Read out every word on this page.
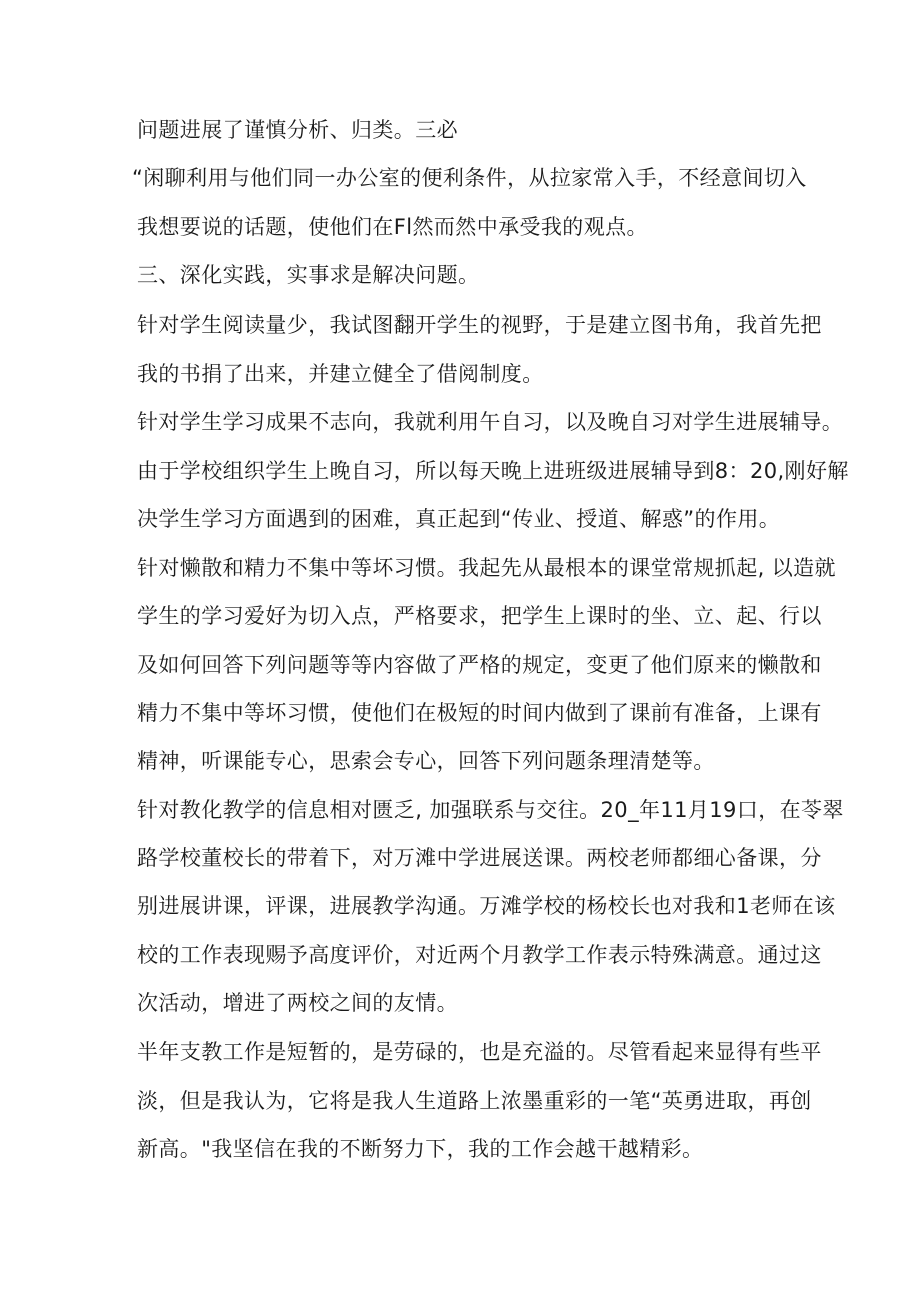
问题进展了谨慎分析、归类。三必

“闲聊利用与他们同一办公室的便利条件，从拉家常入手，不经意间切入

我想要说的话题，使他们在Fl然而然中承受我的观点。

三、深化实践，实事求是解决问题。

针对学生阅读量少，我试图翻开学生的视野，于是建立图书角，我首先把

我的书捐了出来，并建立健全了借阅制度。

针对学生学习成果不志向，我就利用午自习，以及晚自习对学生进展辅导。

由于学校组织学生上晚自习，所以每天晚上进班级进展辅导到8：20,刚好解

决学生学习方面遇到的困难，真正起到“传业、授道、解惑”的作用。

针对懒散和精力不集中等坏习惯。我起先从最根本的课堂常规抓起, 以造就

学生的学习爱好为切入点，严格要求，把学生上课时的坐、立、起、行以

及如何回答下列问题等等内容做了严格的规定，变更了他们原来的懒散和

精力不集中等坏习惯，使他们在极短的时间内做到了课前有准备，上课有

精神，听课能专心，思索会专心，回答下列问题条理清楚等。

针对教化教学的信息相对匮乏, 加强联系与交往。20_年11月19口，在苓翠

路学校董校长的带着下，对万滩中学进展送课。两校老师都细心备课，分

别进展讲课，评课，进展教学沟通。万滩学校的杨校长也对我和1老师在该

校的工作表现赐予高度评价，对近两个月教学工作表示特殊满意。通过这

次活动，增进了两校之间的友情。

半年支教工作是短暂的，是劳碌的，也是充溢的。尽管看起来显得有些平

淡，但是我认为，它将是我人生道路上浓墨重彩的一笔“英勇进取，再创

新高。"我坚信在我的不断努力下，我的工作会越干越精彩。
